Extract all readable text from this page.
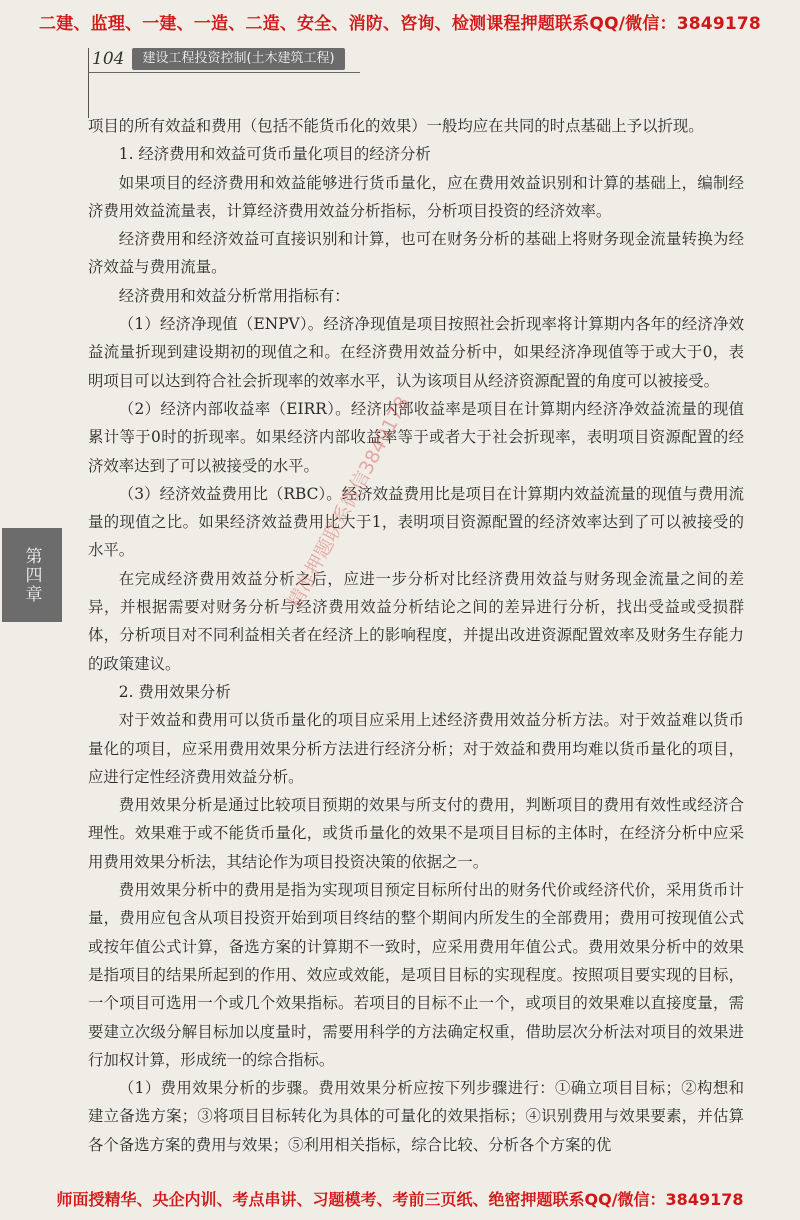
二建、监理、一建、一造、二造、安全、消防、咨询、检测课程押题联系QQ/微信：3849178
104	建设工程投资控制(土木建筑工程)
第四章

项目的所有效益和费用（包括不能货币化的效果）一般均应在共同的时点基础上予以折现。

1. 经济费用和效益可货币量化项目的经济分析

如果项目的经济费用和效益能够进行货币量化，应在费用效益识别和计算的基础上，编制经济费用效益流量表，计算经济费用效益分析指标，分析项目投资的经济效率。

经济费用和经济效益可直接识别和计算，也可在财务分析的基础上将财务现金流量转换为经济效益与费用流量。

经济费用和效益分析常用指标有：

（1）经济净现值（ENPV）。经济净现值是项目按照社会折现率将计算期内各年的经济净效益流量折现到建设期初的现值之和。在经济费用效益分析中，如果经济净现值等于或大于0，表明项目可以达到符合社会折现率的效率水平，认为该项目从经济资源配置的角度可以被接受。

（2）经济内部收益率（EIRR）。经济内部收益率是项目在计算期内经济净效益流量的现值累计等于0时的折现率。如果经济内部收益率等于或者大于社会折现率，表明项目资源配置的经济效率达到了可以被接受的水平。

（3）经济效益费用比（RBC）。经济效益费用比是项目在计算期内效益流量的现值与费用流量的现值之比。如果经济效益费用比大于1，表明项目资源配置的经济效率达到了可以被接受的水平。

在完成经济费用效益分析之后，应进一步分析对比经济费用效益与财务现金流量之间的差异，并根据需要对财务分析与经济费用效益分析结论之间的差异进行分析，找出受益或受损群体，分析项目对不同利益相关者在经济上的影响程度，并提出改进资源配置效率及财务生存能力的政策建议。

2. 费用效果分析

对于效益和费用可以货币量化的项目应采用上述经济费用效益分析方法。对于效益难以货币量化的项目，应采用费用效果分析方法进行经济分析；对于效益和费用均难以货币量化的项目，应进行定性经济费用效益分析。

费用效果分析是通过比较项目预期的效果与所支付的费用，判断项目的费用有效性或经济合理性。效果难于或不能货币量化，或货币量化的效果不是项目目标的主体时，在经济分析中应采用费用效果分析法，其结论作为项目投资决策的依据之一。

费用效果分析中的费用是指为实现项目预定目标所付出的财务代价或经济代价，采用货币计量，费用应包含从项目投资开始到项目终结的整个期间内所发生的全部费用；费用可按现值公式或按年值公式计算，备选方案的计算期不一致时，应采用费用年值公式。费用效果分析中的效果是指项目的结果所起到的作用、效应或效能，是项目目标的实现程度。按照项目要实现的目标，一个项目可选用一个或几个效果指标。若项目的目标不止一个，或项目的效果难以直接度量，需要建立次级分解目标加以度量时，需要用科学的方法确定权重，借助层次分析法对项目的效果进行加权计算，形成统一的综合指标。

（1）费用效果分析的步骤。费用效果分析应按下列步骤进行：①确立项目目标；②构想和建立备选方案；③将项目目标转化为具体的可量化的效果指标；④识别费用与效果要素，并估算各个备选方案的费用与效果；⑤利用相关指标，综合比较、分析各个方案的优

精准押题联系微信3849178
师面授精华、央企内训、考点串讲、习题模考、考前三页纸、绝密押题联系QQ/微信：3849178
